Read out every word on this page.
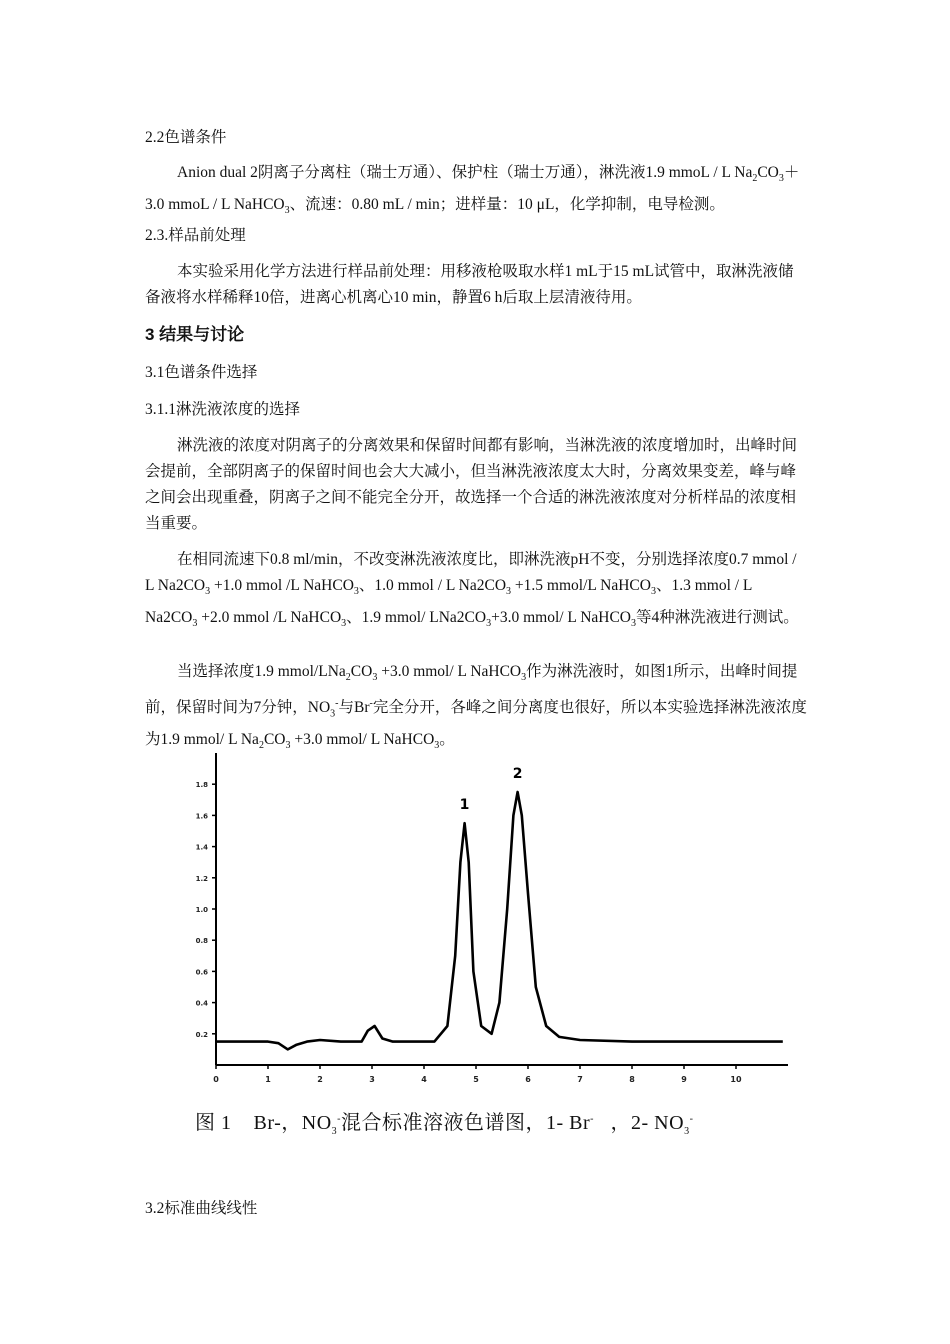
2.2色谱条件

Anion dual 2阴离子分离柱（瑞士万通）、保护柱（瑞士万通），淋洗液1.9 mmoL / L $Na_2CO_3+3.0$ mmoL / L NaHCO$_3$、流速：0.80 mL / min；进样量：10 μL，化学抑制，电导检测。

2.3.样品前处理

本实验采用化学方法进行样品前处理：用移液枪吸取水样1 mL于15 mL试管中，取淋洗液储备液将水样稀释10倍，进离心机离心10 min，静置6 h后取上层清液待用。

3 结果与讨论

3.1色谱条件选择

3.1.1淋洗液浓度的选择

淋洗液的浓度对阴离子的分离效果和保留时间都有影响，当淋洗液的浓度增加时，出峰时间会提前，全部阴离子的保留时间也会大大减小，但当淋洗液浓度太大时，分离效果变差，峰与峰之间会出现重叠，阴离子之间不能完全分开，故选择一个合适的淋洗液浓度对分析样品的浓度相当重要。

在相同流速下0.8 ml/min，不改变淋洗液浓度比，即淋洗液pH不变，分别选择浓度0.7 mmol / L $Na2CO_3 +1.0$ mmol /L NaHCO$_3$、1.0 mmol / L $Na2CO_3 +1.5$ mmol/L NaHCO$_3$、1.3 mmol / L $Na2CO_3 +2.0$ mmol /L NaHCO$_3$、1.9 mmol/ $LNa2CO_3+3.0$ mmol/ L NaHCO$_3$等4种淋洗液进行测试。

当选择浓度1.9 mmol/$LNa_2CO_3 +3.0$ mmol/ L NaHCO$_3$作为淋洗液时，如图1所示，出峰时间提前，保留时间为7分钟，$NO_3^-$与Br-完全分开，各峰之间分离度也很好，所以本实验选择淋洗液浓度为1.9 mmol/ L $Na_2CO_3 +3.0$ mmol/ L NaHCO$_3$。

0	1	2	3	4	5	6	7	8	9	10
0.2
0.4
0.6
0.8
1.0
1.2
1.4
1.6
1.8
1
2
图 1    Br-，$NO_3^-$混合标准溶液色谱图，1- Br-   ，2- $NO_3^-$

3.2标准曲线线性
